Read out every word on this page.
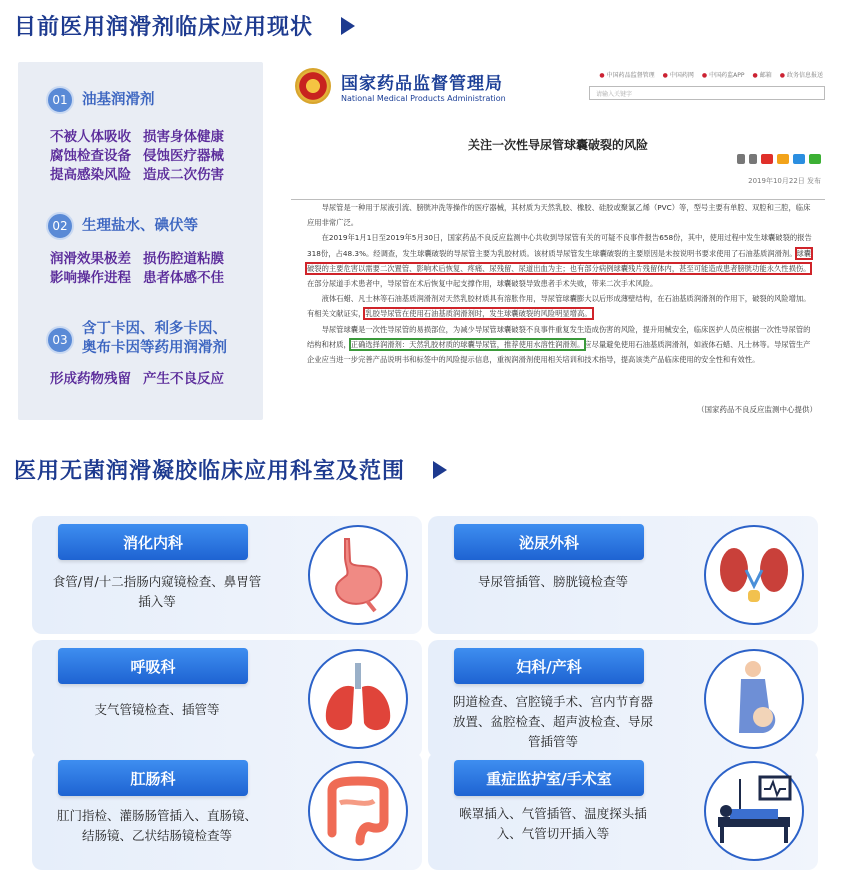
目前医用润滑剂临床应用现状
01 油基润滑剂
不被人体吸收 损害身体健康
腐蚀检查设备 侵蚀医疗器械
提高感染风险 造成二次伤害
02 生理盐水、碘伏等
润滑效果极差 损伤腔道粘膜
影响操作进程 患者体感不佳
03
含丁卡因、利多卡因、
奥布卡因等药用润滑剂
形成药物残留 产生不良反应
国家药品监督管理局
National Medical Products Administration
● 中国药品监督管理	● 中国药网	● 中国药监APP	● 邮箱	● 政务信息报送
请输入关键字
关注一次性导尿管球囊破裂的风险
2019年10月22日 发布

导尿管是一种用于尿液引流、膀胱冲洗等操作的医疗器械，其材质为天然乳胶、橡胶、硅胶或聚氯乙烯（PVC）等，型号主要有单腔、双腔和三腔，临床应用非常广泛。

在2019年1月1日至2019年5月30日，国家药品不良反应监测中心共收到导尿管有关的可疑不良事件报告658份，其中，使用过程中发生球囊破裂的报告318份，占48.3%。经调查，发生球囊破裂的导尿管主要为乳胶材质。该材质导尿管发生球囊破裂的主要原因是未按说明书要求使用了石油基质润滑剂。球囊破裂的主要危害以需要二次置管、影响术后恢复、疼痛、尿残留、尿道出血为主；也有部分病例球囊残片残留体内，甚至可能造成患者膀胱功能永久性损伤。在部分尿道手术患者中，导尿管在术后恢复中起支撑作用，球囊破裂导致患者手术失败，带来二次手术风险。

液体石蜡、凡士林等石油基质润滑剂对天然乳胶材质具有溶胀作用，导尿管球囊膨大以后形成薄壁结构，在石油基质润滑剂的作用下，破裂的风险增加。有相关文献证实，乳胶导尿管在使用石油基质润滑剂时，发生球囊破裂的风险明显增高。

导尿管球囊是一次性导尿管的易损部位，为减少导尿管球囊破裂不良事件重复发生造成伤害的风险，提升用械安全，临床医护人员应根据一次性导尿管的结构和材质，正确选择润滑剂：天然乳胶材质的球囊导尿管，推荐使用水溶性润滑剂。应尽量避免使用石油基质润滑剂，如液体石蜡、凡士林等。导尿管生产企业应当进一步完善产品说明书和标签中的风险提示信息，重视润滑剂使用相关培训和技术指导，提高该类产品临床使用的安全性和有效性。

（国家药品不良反应监测中心提供）
医用无菌润滑凝胶临床应用科室及范围
消化内科
食管/胃/十二指肠内窥镜检查、鼻胃管插入等
泌尿外科
导尿管插管、膀胱镜检查等
呼吸科
支气管镜检查、插管等
妇科/产科
阴道检查、宫腔镜手术、宫内节育器放置、盆腔检查、超声波检查、导尿管插管等
肛肠科
肛门指检、灌肠肠管插入、直肠镜、结肠镜、乙状结肠镜检查等
重症监护室/手术室
喉罩插入、气管插管、温度探头插入、气管切开插入等
